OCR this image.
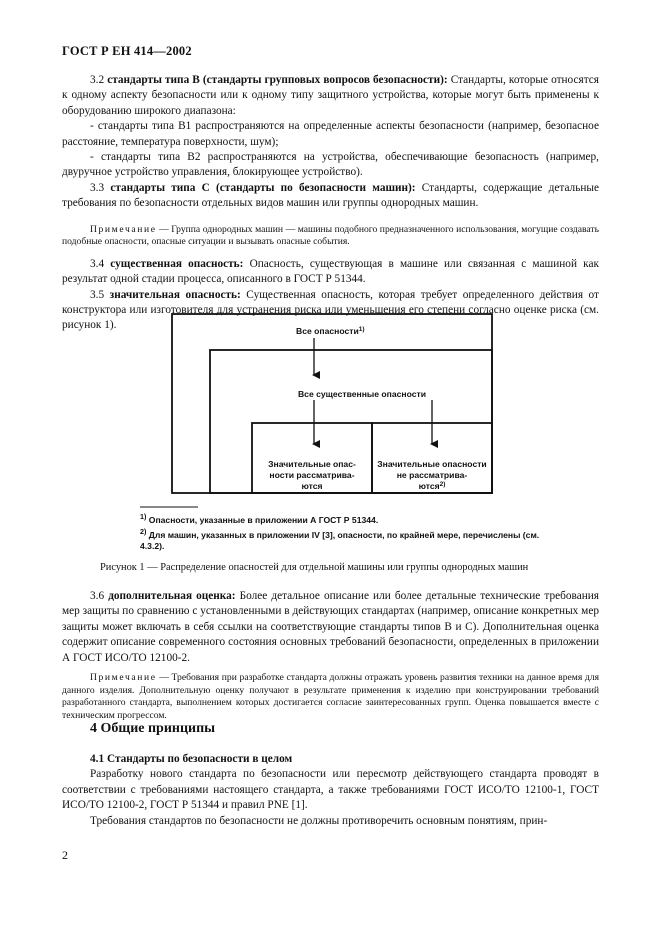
ГОСТ Р ЕН 414—2002

3.2 стандарты типа В (стандарты групповых вопросов безопасности): Стандарты, которые относятся к одному аспекту безопасности или к одному типу защитного устройства, которые могут быть применены к оборудованию широкого диапазона:

- стандарты типа В1 распространяются на определенные аспекты безопасности (например, безопасное расстояние, температура поверхности, шум);

- стандарты типа В2 распространяются на устройства, обеспечивающие безопасность (например, двуручное устройство управления, блокирующее устройство).

3.3 стандарты типа С (стандарты по безопасности машин): Стандарты, содержащие детальные требования по безопасности отдельных видов машин или группы однородных машин.

Примечание — Группа однородных машин — машины подобного предназначенного использования, могущие создавать подобные опасности, опасные ситуации и вызывать опасные события.

3.4 существенная опасность: Опасность, существующая в машине или связанная с машиной как результат одной стадии процесса, описанного в ГОСТ Р 51344.

3.5 значительная опасность: Существенная опасность, которая требует определенного действия от конструктора или изготовителя для устранения риска или уменьшения его степени согласно оценке риска (см. рисунок 1).	Все опасности$^{1)}$
Все существенные опасности
Значительные опас-
ности рассматрива-
ются
Значительные опасности
не рассматрива-
ются$^{2)}$
$^{1)}$ Опасности, указанные в приложении А ГОСТ Р 51344.
$^{2)}$ Для машин, указанных в приложении IV [3], опасности, по крайней мере, перечислены (см. 4.3.2).
Рисунок 1 — Распределение опасностей для отдельной машины или группы однородных машин

3.6 дополнительная оценка: Более детальное описание или более детальные технические требования мер защиты по сравнению с установленными в действующих стандартах (например, описание конкретных мер защиты может включать в себя ссылки на соответствующие стандарты типов В и С). Дополнительная оценка содержит описание современного состояния основных требований безопасности, определенных в приложении А ГОСТ ИСО/ТО 12100-2.

Примечание — Требования при разработке стандарта должны отражать уровень развития техники на данное время для данного изделия. Дополнительную оценку получают в результате применения к изделию при конструировании требований разработанного стандарта, выполнением которых достигается согласие заинтересованных групп. Оценка повышается вместе с техническим прогрессом.

4 Общие принципы

4.1 Стандарты по безопасности в целом

Разработку нового стандарта по безопасности или пересмотр действующего стандарта проводят в соответствии с требованиями настоящего стандарта, а также требованиями ГОСТ ИСО/ТО 12100-1, ГОСТ ИСО/ТО 12100-2, ГОСТ Р 51344 и правил PNE [1].

Требования стандартов по безопасности не должны противоречить основным понятиям, прин-

2
